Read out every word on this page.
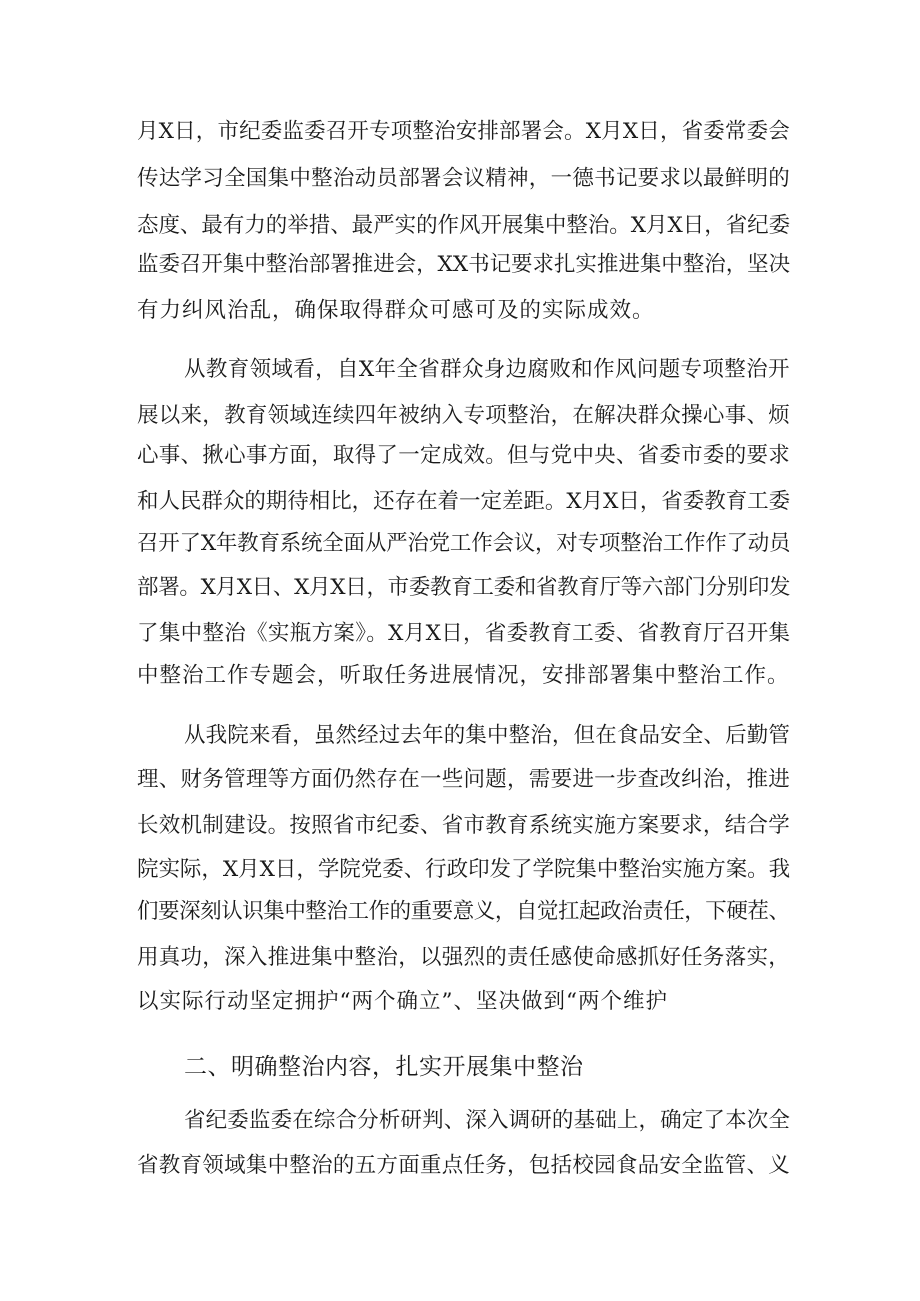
月X日，市纪委监委召开专项整治安排部署会。X月X日，省委常委会
传达学习全国集中整治动员部署会议精神，一德书记要求以最鲜明的
态度、最有力的举措、最严实的作风开展集中整治。X月X日，省纪委
监委召开集中整治部署推进会，XX书记要求扎实推进集中整治，坚决
有力纠风治乱，确保取得群众可感可及的实际成效。
从教育领域看，自X年全省群众身边腐败和作风问题专项整治开
展以来，教育领域连续四年被纳入专项整治，在解决群众操心事、烦
心事、揪心事方面，取得了一定成效。但与党中央、省委市委的要求
和人民群众的期待相比，还存在着一定差距。X月X日，省委教育工委
召开了X年教育系统全面从严治党工作会议，对专项整治工作作了动员
部署。X月X日、X月X日，市委教育工委和省教育厅等六部门分别印发
了集中整治《实瓶方案》。X月X日，省委教育工委、省教育厅召开集
中整治工作专题会，听取任务进展情况，安排部署集中整治工作。
从我院来看，虽然经过去年的集中整治，但在食品安全、后勤管
理、财务管理等方面仍然存在一些问题，需要进一步查改纠治，推进
长效机制建设。按照省市纪委、省市教育系统实施方案要求，结合学
院实际，X月X日，学院党委、行政印发了学院集中整治实施方案。我
们要深刻认识集中整治工作的重要意义，自觉扛起政治责任，下硬茬、
用真功，深入推进集中整治，以强烈的责任感使命感抓好任务落实，
以实际行动坚定拥护“两个确立”、坚决做到“两个维护
二、明确整治内容，扎实开展集中整治
省纪委监委在综合分析研判、深入调研的基础上，确定了本次全
省教育领域集中整治的五方面重点任务，包括校园食品安全监管、义
